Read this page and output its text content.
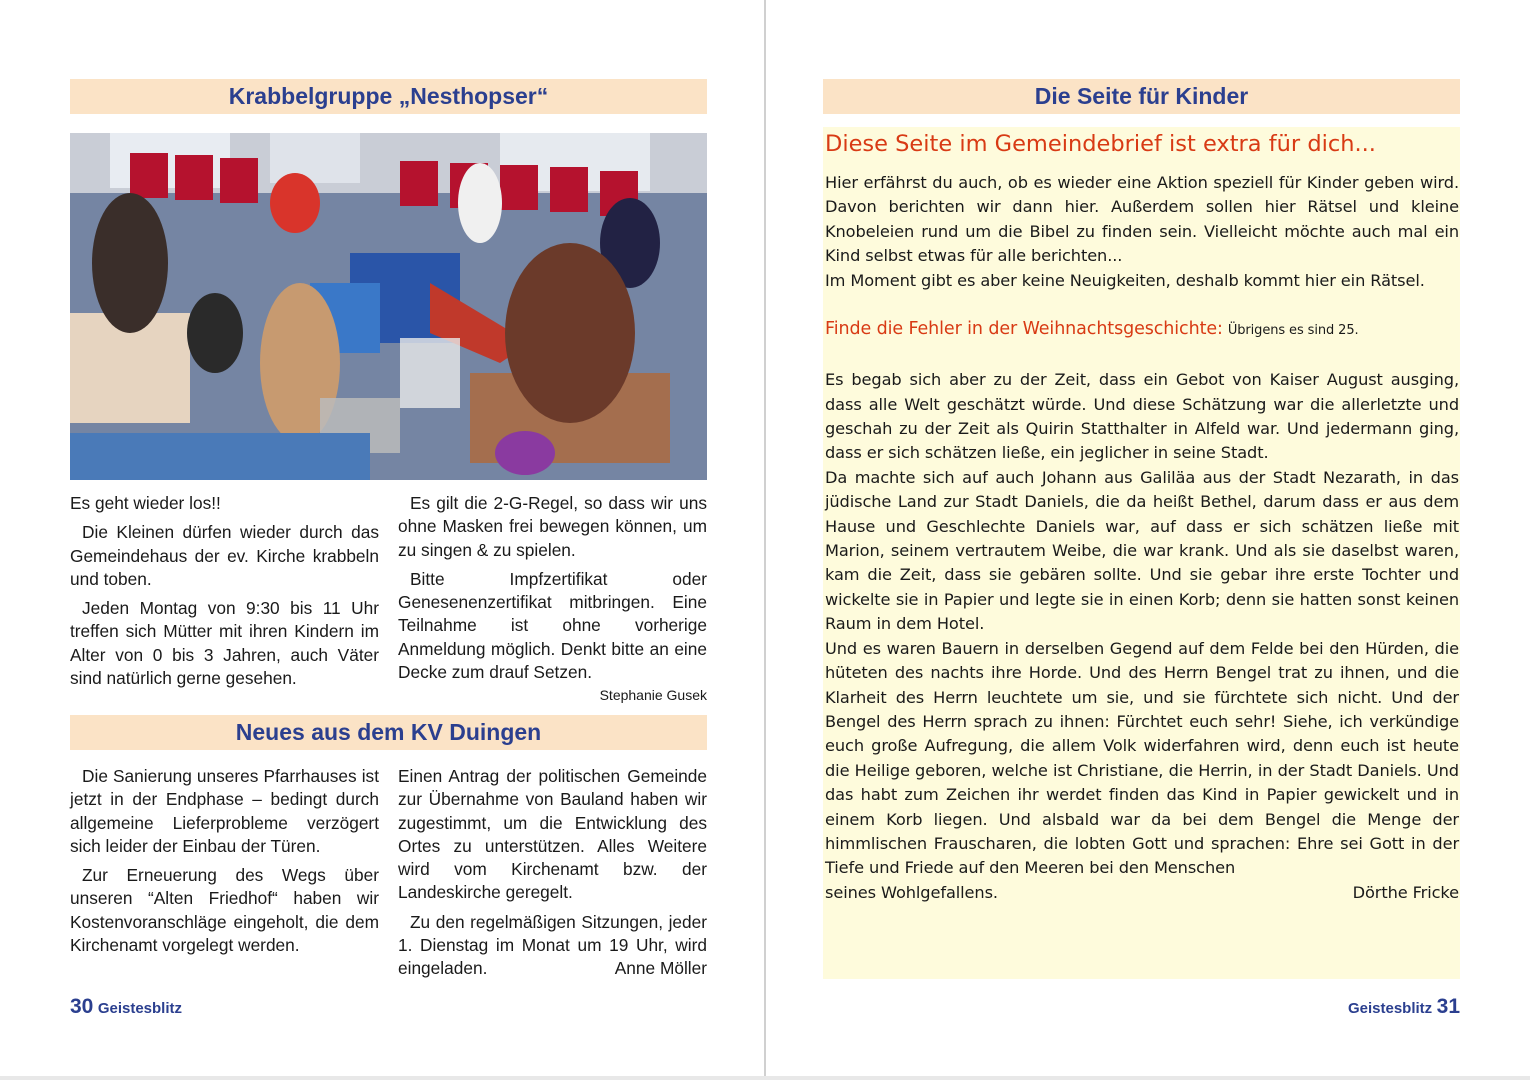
Krabbelgruppe „Nesthopser“

Es geht wieder los!!

Die Kleinen dürfen wieder durch das Gemeindehaus der ev. Kirche krabbeln und toben.

Jeden Montag von 9:30 bis 11 Uhr treffen sich Mütter mit ihren Kindern im Alter von 0 bis 3 Jahren, auch Väter sind natürlich gerne gesehen.

Es gilt die 2-G-Regel, so dass wir uns ohne Masken frei bewegen können, um zu singen & zu spielen.

Bitte Impfzertifikat oder Genesenenzertifikat mitbringen. Eine Teilnahme ist ohne vorherige Anmeldung möglich. Denkt bitte an eine Decke zum drauf Setzen.
Stephanie Gusek

Neues aus dem KV Duingen

Die Sanierung unseres Pfarrhauses ist jetzt in der Endphase – bedingt durch allgemeine Lieferprobleme verzögert sich leider der Einbau der Türen.

Zur Erneuerung des Wegs über unseren “Alten Friedhof“ haben wir Kostenvoranschläge eingeholt, die dem Kirchenamt vorgelegt werden.

Einen Antrag der politischen Gemeinde zur Übernahme von Bauland haben wir zugestimmt, um die Entwicklung des Ortes zu unterstützen. Alles Weitere wird vom Kirchenamt bzw. der Landeskirche geregelt.

Zu den regelmäßigen Sitzungen, jeder 1. Dienstag im Monat um 19 Uhr, wird eingeladen.	Anne Möller

30 Geistesblitz
Die Seite für Kinder
Diese Seite im Gemeindebrief ist extra für dich...

Hier erfährst du auch, ob es wieder eine Aktion speziell für Kinder geben wird. Davon berichten wir dann hier. Außerdem sollen hier Rätsel und kleine Knobeleien rund um die Bibel zu finden sein. Vielleicht möchte auch mal ein Kind selbst etwas für alle berichten...

Im Moment gibt es aber keine Neuigkeiten, deshalb kommt hier ein Rätsel.

Finde die Fehler in der Weihnachtsgeschichte: Übrigens es sind 25.

Es begab sich aber zu der Zeit, dass ein Gebot von Kaiser August ausging, dass alle Welt geschätzt würde. Und diese Schätzung war die allerletzte und geschah zu der Zeit als Quirin Statthalter in Alfeld war. Und jedermann ging, dass er sich schätzen ließe, ein jeglicher in seine Stadt.

Da machte sich auf auch Johann aus Galiläa aus der Stadt Nezarath, in das jüdische Land zur Stadt Daniels, die da heißt Bethel, darum dass er aus dem Hause und Geschlechte Daniels war, auf dass er sich schätzen ließe mit Marion, seinem vertrautem Weibe, die war krank. Und als sie daselbst waren, kam die Zeit, dass sie gebären sollte. Und sie gebar ihre erste Tochter und wickelte sie in Papier und legte sie in einen Korb; denn sie hatten sonst keinen Raum in dem Hotel.

Und es waren Bauern in derselben Gegend auf dem Felde bei den Hürden, die hüteten des nachts ihre Horde. Und des Herrn Bengel trat zu ihnen, und die Klarheit des Herrn leuchtete um sie, und sie fürchtete sich nicht. Und der Bengel des Herrn sprach zu ihnen: Fürchtet euch sehr! Siehe, ich verkündige euch große Aufregung, die allem Volk widerfahren wird, denn euch ist heute die Heilige geboren, welche ist Christiane, die Herrin, in der Stadt Daniels. Und das habt zum Zeichen ihr werdet finden das Kind in Papier gewickelt und in einem Korb liegen. Und alsbald war da bei dem Bengel die Menge der himmlischen Frauscharen, die lobten Gott und sprachen: Ehre sei Gott in der Tiefe und Friede auf den Meeren bei den Menschen

seines Wohlgefallens.	Dörthe Fricke
Geistesblitz 31
